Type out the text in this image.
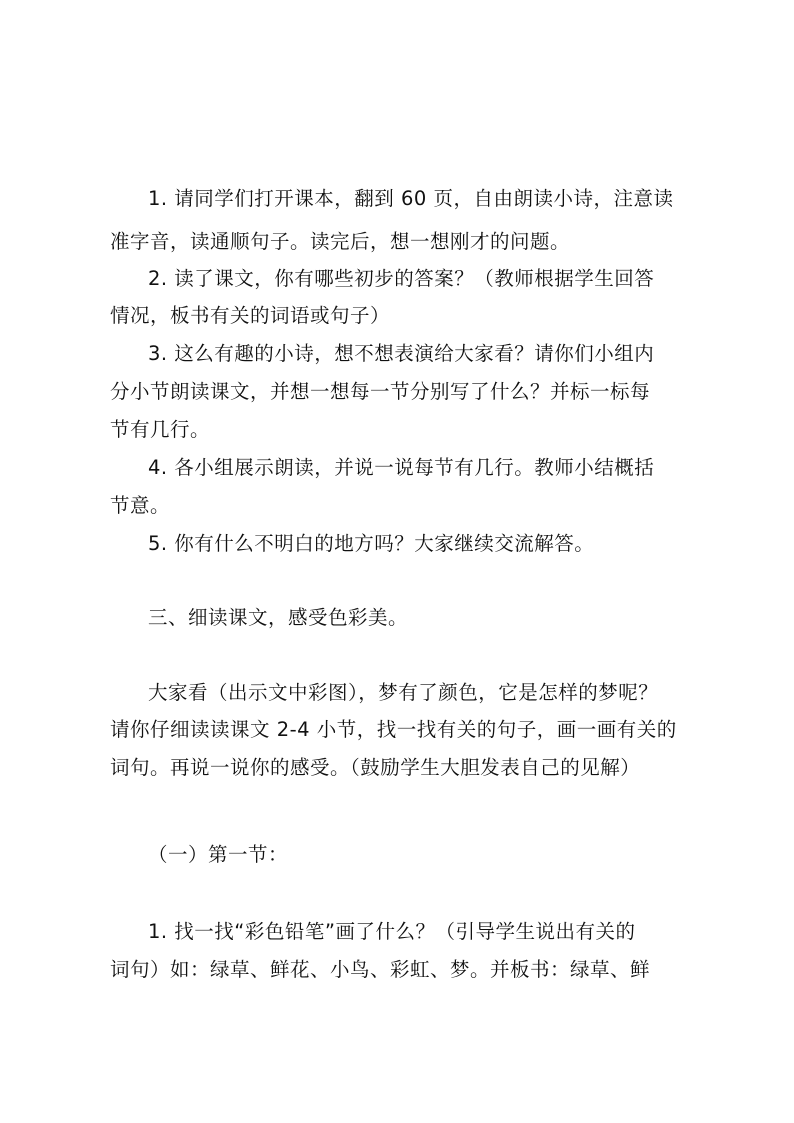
1. 请同学们打开课本，翻到 60 页，自由朗读小诗，注意读
准字音，读通顺句子。读完后，想一想刚才的问题。
2. 读了课文，你有哪些初步的答案？（教师根据学生回答
情况，板书有关的词语或句子）
3. 这么有趣的小诗，想不想表演给大家看？请你们小组内
分小节朗读课文，并想一想每一节分别写了什么？并标一标每
节有几行。
4. 各小组展示朗读，并说一说每节有几行。教师小结概括
节意。
5. 你有什么不明白的地方吗？大家继续交流解答。
三、细读课文，感受色彩美。
大家看（出示文中彩图），梦有了颜色，它是怎样的梦呢？
请你仔细读读课文 2-4 小节，找一找有关的句子，画一画有关的
词句。再说一说你的感受。（鼓励学生大胆发表自己的见解）
（一）第一节：
1. 找一找“彩色铅笔”画了什么？（引导学生说出有关的
词句）如：绿草、鲜花、小鸟、彩虹、梦。并板书：绿草、鲜
